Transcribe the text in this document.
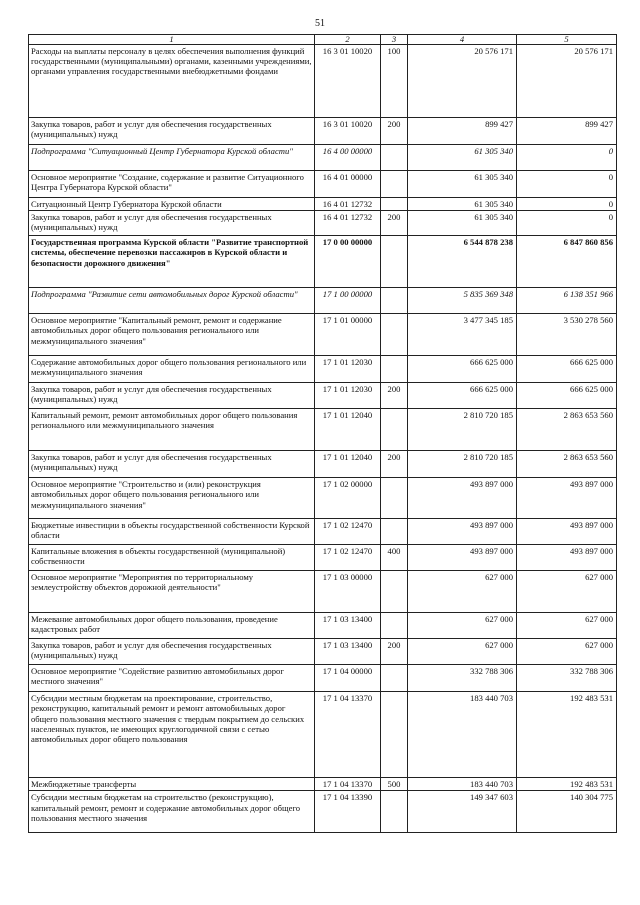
51
1	2	3	4	5
Расходы на выплаты персоналу в целях обеспечения выполнения функций государственными (муниципальными) органами, казенными учреждениями, органами управления государственными внебюджетными фондами	16 3 01 10020	100	20 576 171	20 576 171
Закупка товаров, работ и услуг для обеспечения государственных (муниципальных) нужд	16 3 01 10020	200	899 427	899 427
Подпрограмма "Ситуационный Центр Губернатора Курской области"	16 4 00 00000		61 305 340	0
Основное мероприятие "Создание, содержание и развитие Ситуационного Центра Губернатора Курской области"	16 4 01 00000		61 305 340	0
Ситуационный Центр Губернатора Курской области	16 4 01 12732		61 305 340	0
Закупка товаров, работ и услуг для обеспечения государственных (муниципальных) нужд	16 4 01 12732	200	61 305 340	0
Государственная программа Курской области "Развитие транспортной системы, обеспечение перевозки пассажиров в Курской области и безопасности дорожного движения"	17 0 00 00000		6 544 878 238	6 847 860 856
Подпрограмма "Развитие сети автомобильных дорог Курской области"	17 1 00 00000		5 835 369 348	6 138 351 966
Основное мероприятие "Капитальный ремонт, ремонт и содержание автомобильных дорог общего пользования регионального или межмуниципального значения"	17 1 01 00000		3 477 345 185	3 530 278 560
Содержание автомобильных дорог общего пользования регионального или межмуниципального значения	17 1 01 12030		666 625 000	666 625 000
Закупка товаров, работ и услуг для обеспечения государственных (муниципальных) нужд	17 1 01 12030	200	666 625 000	666 625 000
Капитальный ремонт, ремонт автомобильных дорог общего пользования регионального или межмуниципального значения	17 1 01 12040		2 810 720 185	2 863 653 560
Закупка товаров, работ и услуг для обеспечения государственных (муниципальных) нужд	17 1 01 12040	200	2 810 720 185	2 863 653 560
Основное мероприятие "Строительство и (или) реконструкция автомобильных дорог общего пользования регионального или межмуниципального значения"	17 1 02 00000		493 897 000	493 897 000
Бюджетные инвестиции в объекты государственной собственности Курской области	17 1 02 12470		493 897 000	493 897 000
Капитальные вложения в объекты государственной (муниципальной) собственности	17 1 02 12470	400	493 897 000	493 897 000
Основное мероприятие "Мероприятия по территориальному землеустройству объектов дорожной деятельности"	17 1 03 00000		627 000	627 000
Межевание автомобильных дорог общего пользования, проведение кадастровых работ	17 1 03 13400		627 000	627 000
Закупка товаров, работ и услуг для обеспечения государственных (муниципальных) нужд	17 1 03 13400	200	627 000	627 000
Основное мероприятие "Содействие развитию автомобильных дорог местного значения"	17 1 04 00000		332 788 306	332 788 306
Субсидии местным бюджетам на проектирование, строительство, реконструкцию, капитальный ремонт и ремонт автомобильных дорог общего пользования местного значения с твердым покрытием до сельских населенных пунктов, не имеющих круглогодичной связи с сетью автомобильных дорог общего пользования	17 1 04 13370		183 440 703	192 483 531
Межбюджетные трансферты	17 1 04 13370	500	183 440 703	192 483 531
Субсидии местным бюджетам на строительство (реконструкцию), капитальный ремонт, ремонт и содержание автомобильных дорог общего пользования местного значения	17 1 04 13390		149 347 603	140 304 775
